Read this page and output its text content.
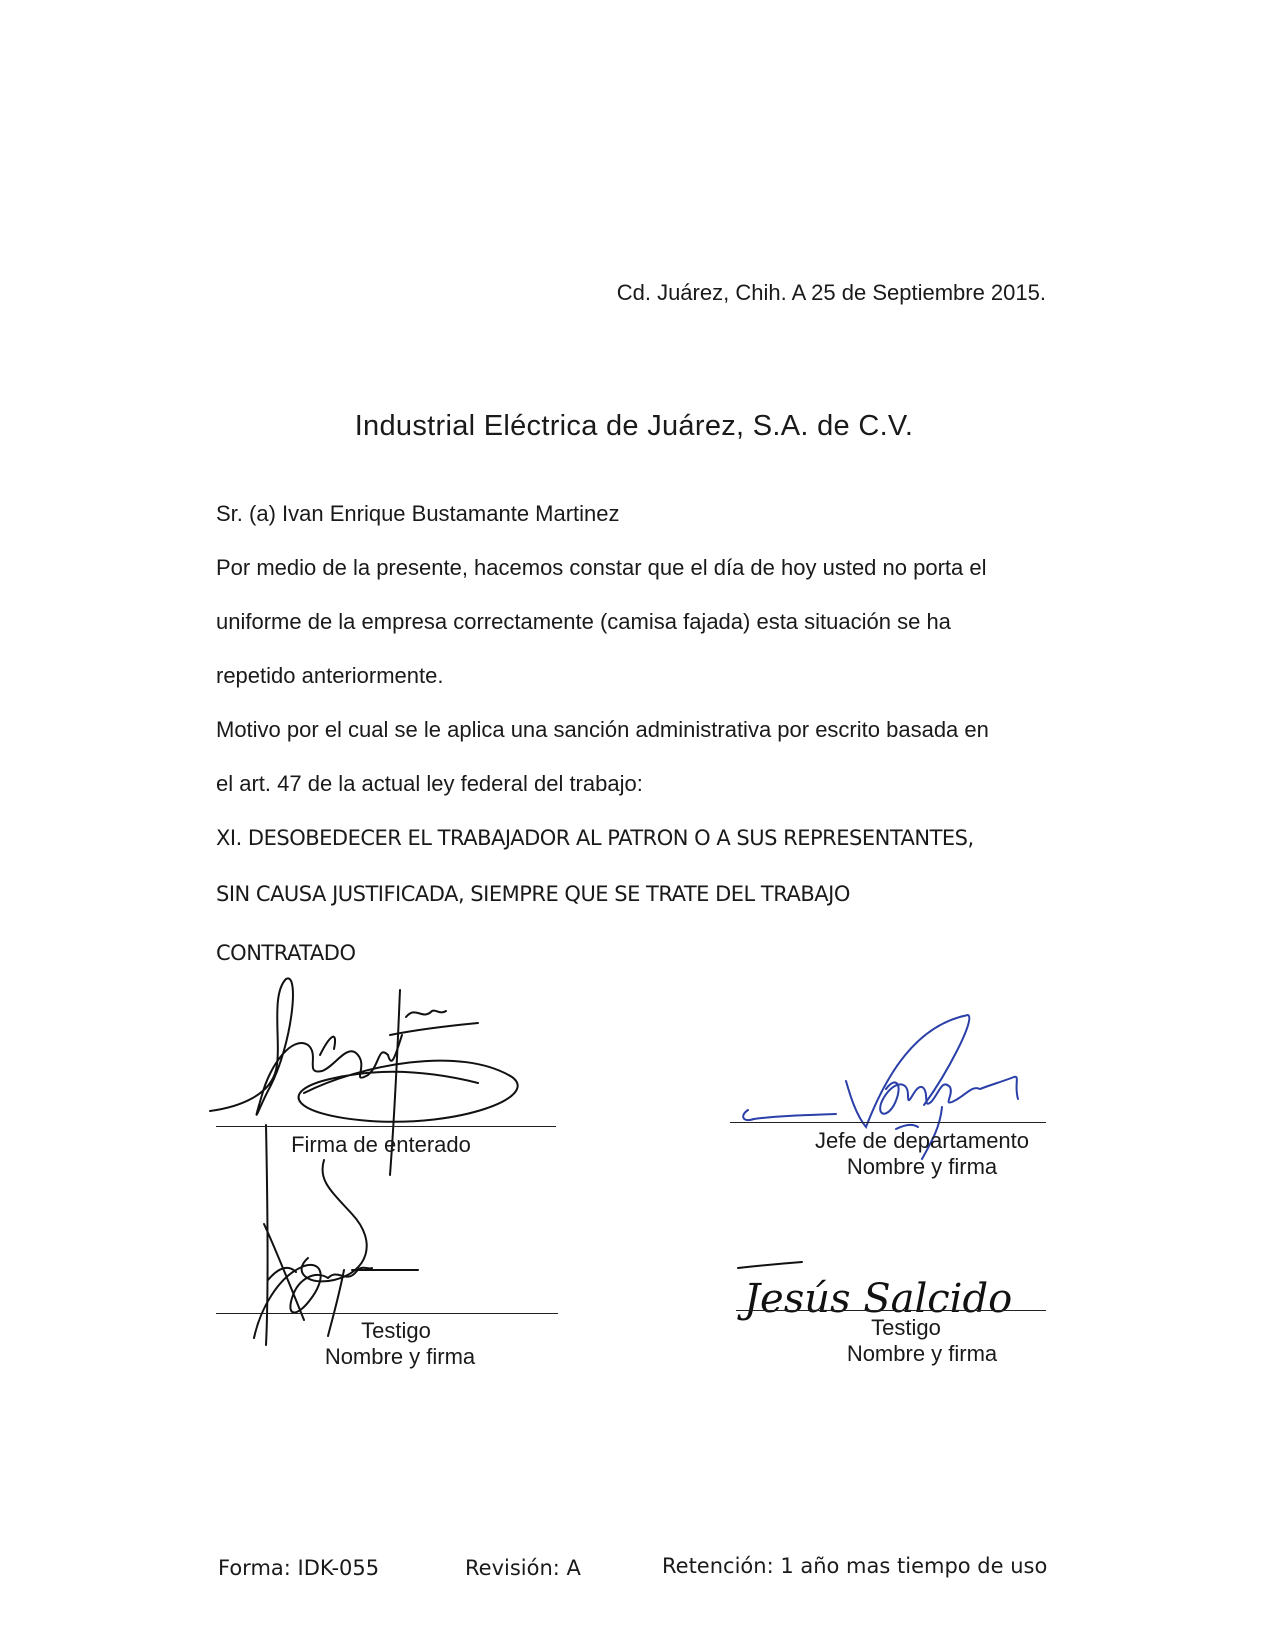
Cd. Juárez, Chih. A 25 de Septiembre 2015.
Industrial Eléctrica de Juárez, S.A. de C.V.
Sr. (a) Ivan Enrique Bustamante Martinez
Por medio de la presente, hacemos constar que el día de hoy usted no porta el
uniforme de la empresa correctamente (camisa fajada) esta situación se ha
repetido anteriormente.
Motivo por el cual se le aplica una sanción administrativa por escrito basada en
el art. 47 de la actual ley federal del trabajo:
XI. DESOBEDECER EL TRABAJADOR AL PATRON O A SUS REPRESENTANTES,
SIN CAUSA JUSTIFICADA, SIEMPRE QUE SE TRATE DEL TRABAJO
CONTRATADO
Firma de enterado	Jefe de departamento
Nombre y firma
Testigo
Nombre y firma
Jesús Salcido
Testigo
Nombre y firma
Forma: IDK-055	Revisión: A	Retención: 1 año mas tiempo de uso
